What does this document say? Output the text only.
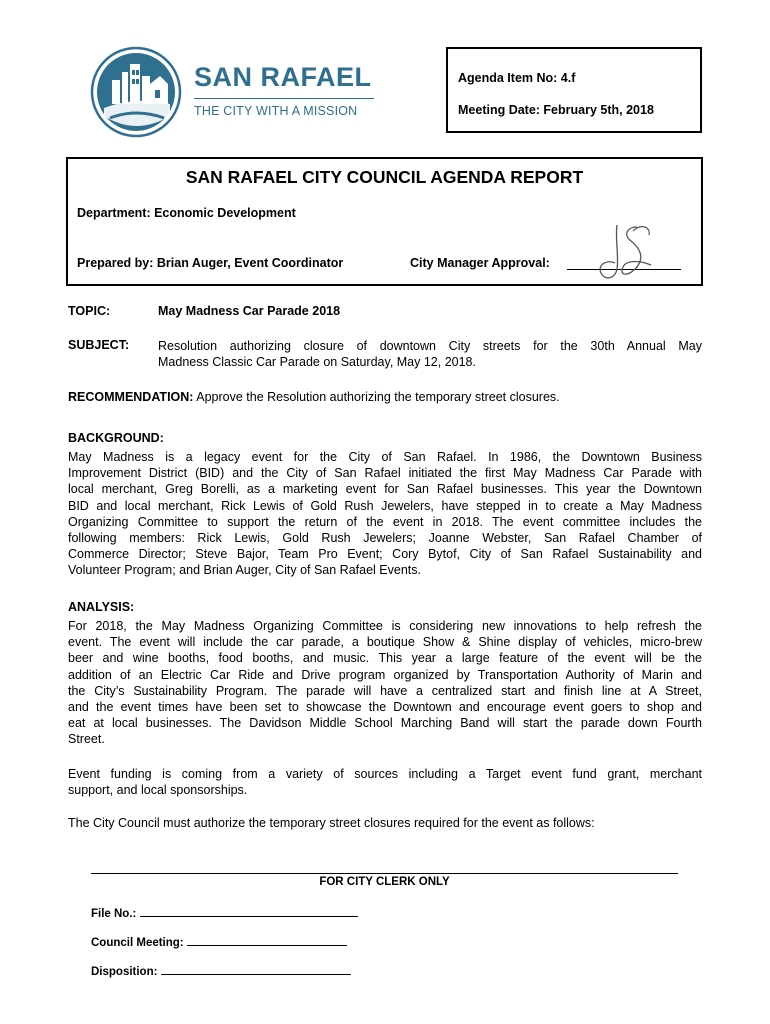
SAN RAFAEL
THE CITY WITH A MISSION
Agenda Item No: 4.f
Meeting Date: February 5th, 2018
SAN RAFAEL CITY COUNCIL AGENDA REPORT
Department: Economic Development
Prepared by: Brian Auger, Event Coordinator	City Manager Approval:
TOPIC:	May Madness Car Parade 2018
SUBJECT: Resolution authorizing closure of downtown City streets for the 30th Annual May
Madness Classic Car Parade on Saturday, May 12, 2018.
RECOMMENDATION: Approve the Resolution authorizing the temporary street closures.
BACKGROUND:
May Madness is a legacy event for the City of San Rafael. In 1986, the Downtown Business
Improvement District (BID) and the City of San Rafael initiated the first May Madness Car Parade with
local merchant, Greg Borelli, as a marketing event for San Rafael businesses. This year the Downtown
BID and local merchant, Rick Lewis of Gold Rush Jewelers, have stepped in to create a May Madness
Organizing Committee to support the return of the event in 2018. The event committee includes the
following members: Rick Lewis, Gold Rush Jewelers; Joanne Webster, San Rafael Chamber of
Commerce Director; Steve Bajor, Team Pro Event; Cory Bytof, City of San Rafael Sustainability and
Volunteer Program; and Brian Auger, City of San Rafael Events.
ANALYSIS:
For 2018, the May Madness Organizing Committee is considering new innovations to help refresh the
event. The event will include the car parade, a boutique Show & Shine display of vehicles, micro-brew
beer and wine booths, food booths, and music. This year a large feature of the event will be the
addition of an Electric Car Ride and Drive program organized by Transportation Authority of Marin and
the City’s Sustainability Program. The parade will have a centralized start and finish line at A Street,
and the event times have been set to showcase the Downtown and encourage event goers to shop and
eat at local businesses. The Davidson Middle School Marching Band will start the parade down Fourth
Street.
Event funding is coming from a variety of sources including a Target event fund grant, merchant
support, and local sponsorships.
The City Council must authorize the temporary street closures required for the event as follows:
FOR CITY CLERK ONLY
File No.:
Council Meeting:
Disposition:
